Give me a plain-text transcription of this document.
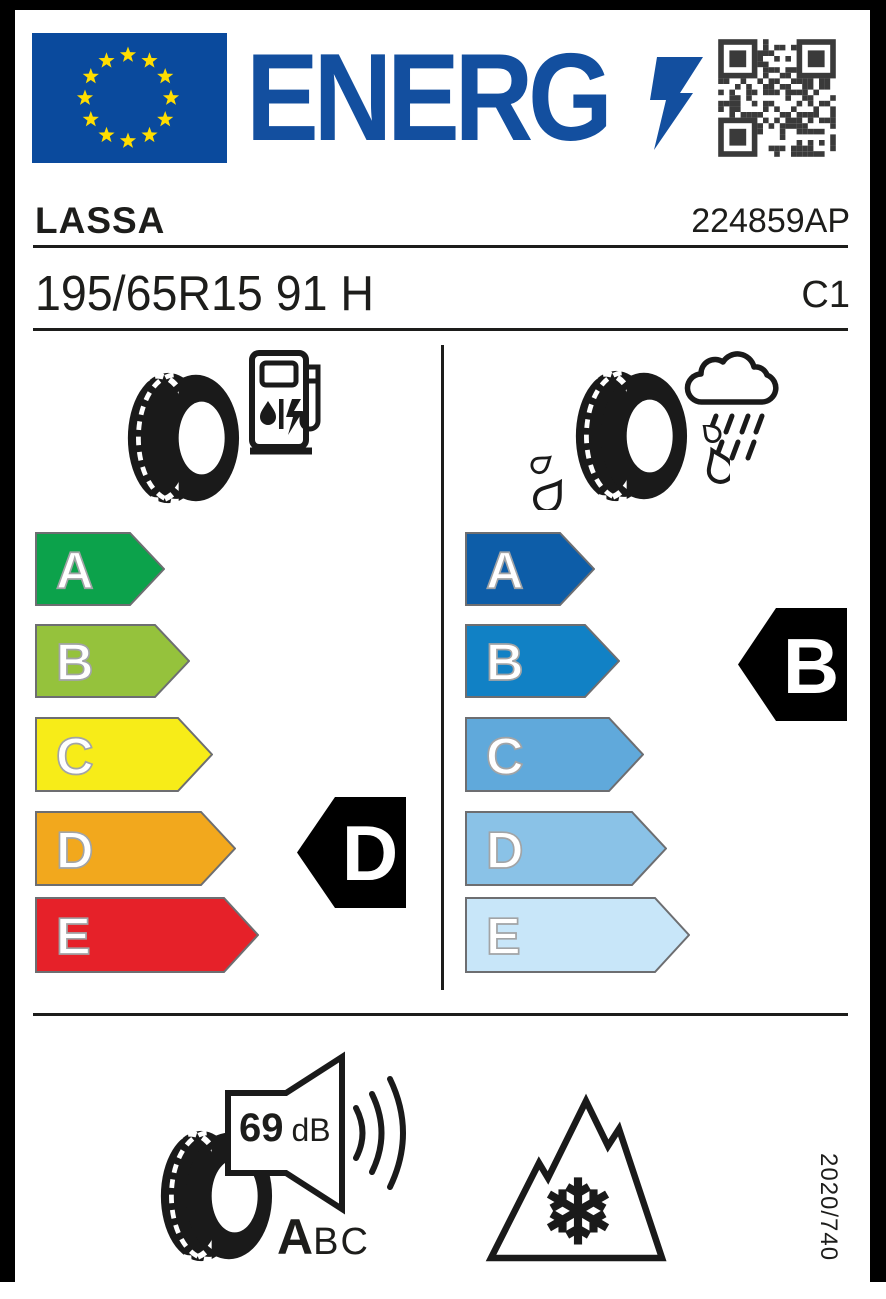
ENERG
LASSA	224859AP
195/65R15 91 H	C1
A
B
C
D
E
A
B
C
D
E
D
B
69 dB
A BC ❄	2020/740
